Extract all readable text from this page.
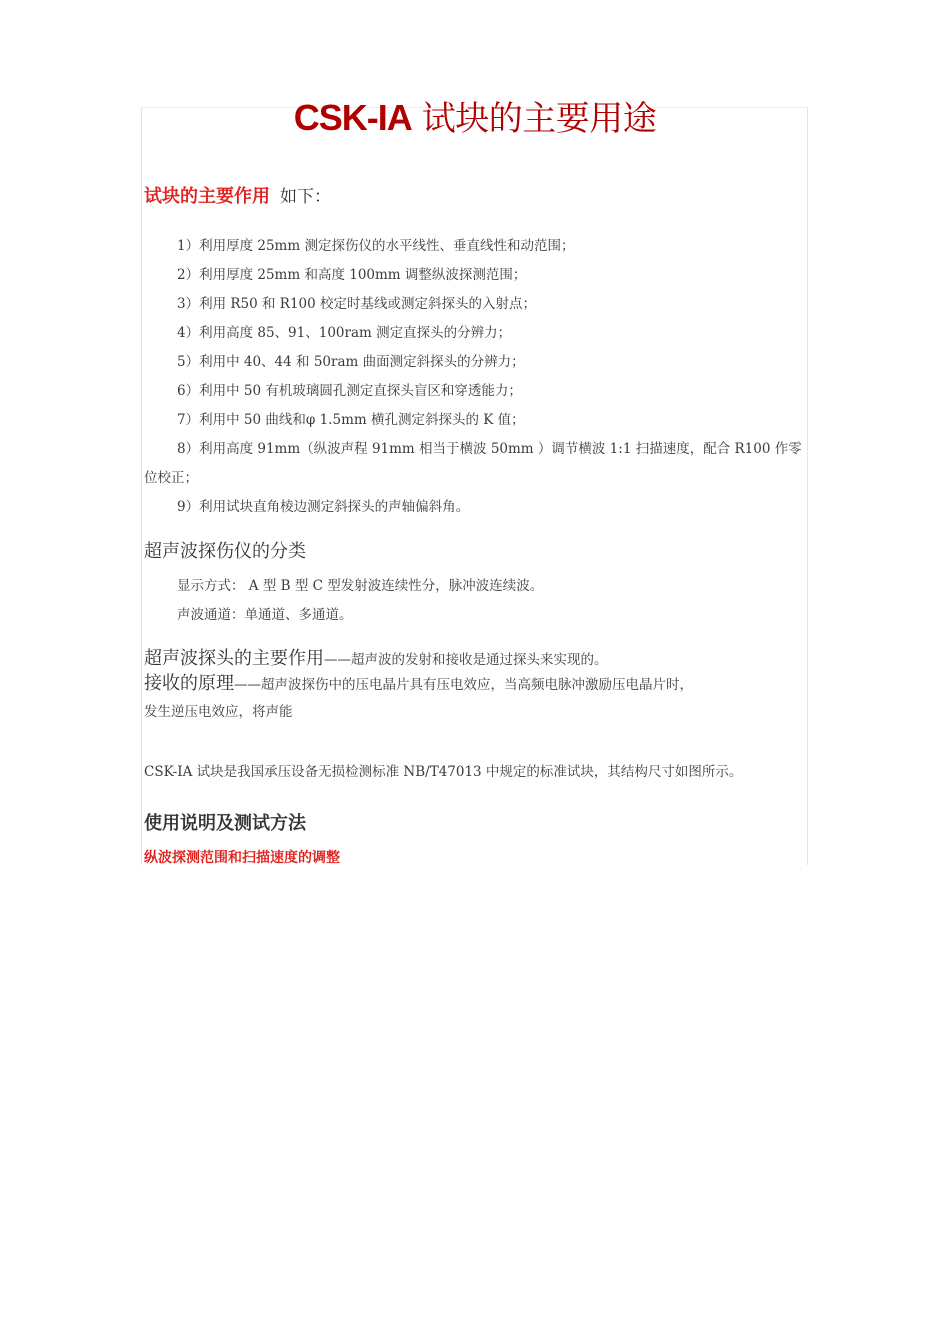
CSK-IA 试块的主要用途
试块的主要作用 如下：
1）利用厚度 25mm 测定探伤仪的水平线性、垂直线性和动范围；
2）利用厚度 25mm 和高度 100mm 调整纵波探测范围；
3）利用 R50 和 R100 校定时基线或测定斜探头的入射点；
4）利用高度 85、91、100ram 测定直探头的分辨力；
5）利用中 40、44 和 50ram 曲面测定斜探头的分辨力；
6）利用中 50 有机玻璃圆孔测定直探头盲区和穿透能力；
7）利用中 50 曲线和φ 1.5mm 横孔测定斜探头的 K 值；
8）利用高度 91mm（纵波声程 91mm 相当于横波 50mm ）调节横波 1:1 扫描速度，配合 R100 作零位校正；
9）利用试块直角棱边测定斜探头的声轴偏斜角。
超声波探伤仪的分类
显示方式： A 型 B 型 C 型发射波连续性分，脉冲波连续波。
声波通道：单通道、多通道。
超声波探头的主要作用——超声波的发射和接收是通过探头来实现的。
接收的原理——超声波探伤中的压电晶片具有压电效应，当高频电脉冲激励压电晶片时，
发生逆压电效应，将声能
CSK-IA 试块是我国承压设备无损检测标准 NB/T47013 中规定的标准试块，其结构尺寸如图所示。
使用说明及测试方法
纵波探测范围和扫描速度的调整
